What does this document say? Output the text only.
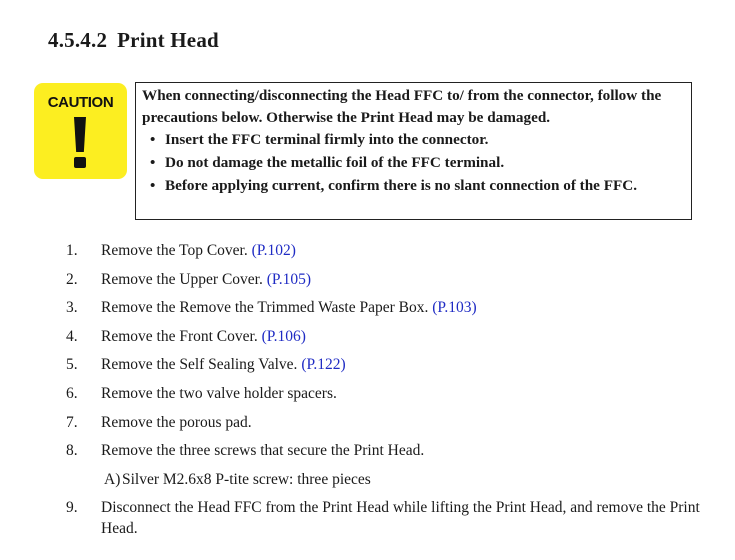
4.5.4.2 Print Head
CAUTION	When connecting/disconnecting the Head FFC to/ from the connector, follow the precautions below. Otherwise the Print Head may be damaged.
• Insert the FFC terminal firmly into the connector.
• Do not damage the metallic foil of the FFC terminal.
• Before applying current, confirm there is no slant connection of the FFC.
1. Remove the Top Cover. (P.102)
2. Remove the Upper Cover. (P.105)
3. Remove the Remove the Trimmed Waste Paper Box. (P.103)
4. Remove the Front Cover. (P.106)
5. Remove the Self Sealing Valve. (P.122)
6. Remove the two valve holder spacers.
7. Remove the porous pad.
8. Remove the three screws that secure the Print Head.
A) Silver M2.6x8 P-tite screw: three pieces
9. Disconnect the Head FFC from the Print Head while lifting the Print Head, and remove the Print Head.
